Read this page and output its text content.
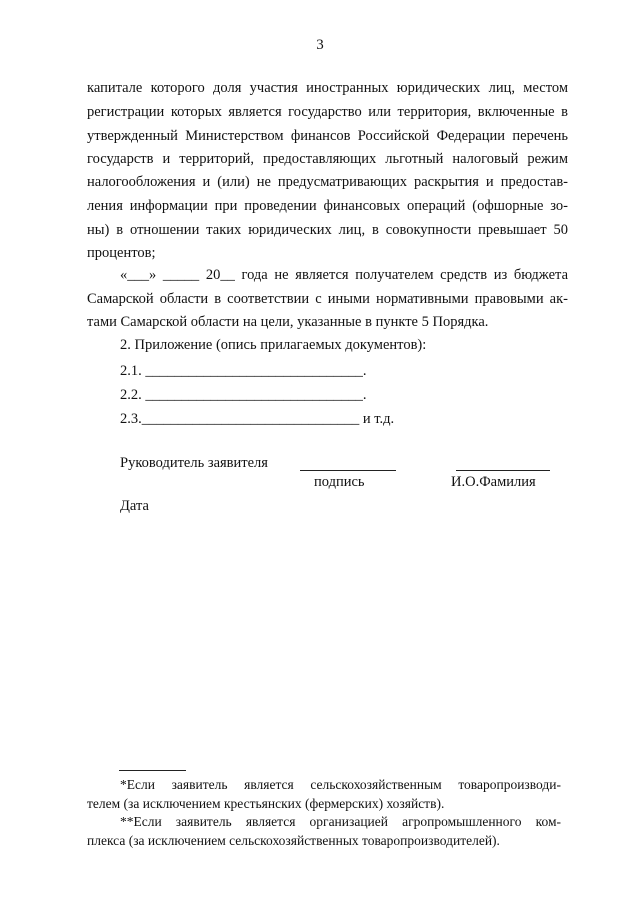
3

капитале которого доля участия иностранных юридических лиц, местом

регистрации которых является государство или территория, включенные в

утвержденный Министерством финансов Российской Федерации перечень

государств и территорий, предоставляющих льготный налоговый режим

налогообложения и (или) не предусматривающих раскрытия и предостав-

ления информации при проведении финансовых операций (офшорные зо-

ны) в отношении таких юридических лиц, в совокупности превышает 50

процентов;

«___» _____ 20__ года не является получателем средств из бюджета

Самарской области в соответствии с иными нормативными правовыми ак-

тами Самарской области на цели, указанные в пункте 5 Порядка.

2. Приложение (опись прилагаемых документов):

2.1. ______________________________.

2.2. ______________________________.

2.3.______________________________ и т.д.

Руководитель заявителя
подпись	И.О.Фамилия
Дата

*Если заявитель является сельскохозяйственным товаропроизводи-

телем (за исключением крестьянских (фермерских) хозяйств).

**Если заявитель является организацией агропромышленного ком-

плекса (за исключением сельскохозяйственных товаропроизводителей).
